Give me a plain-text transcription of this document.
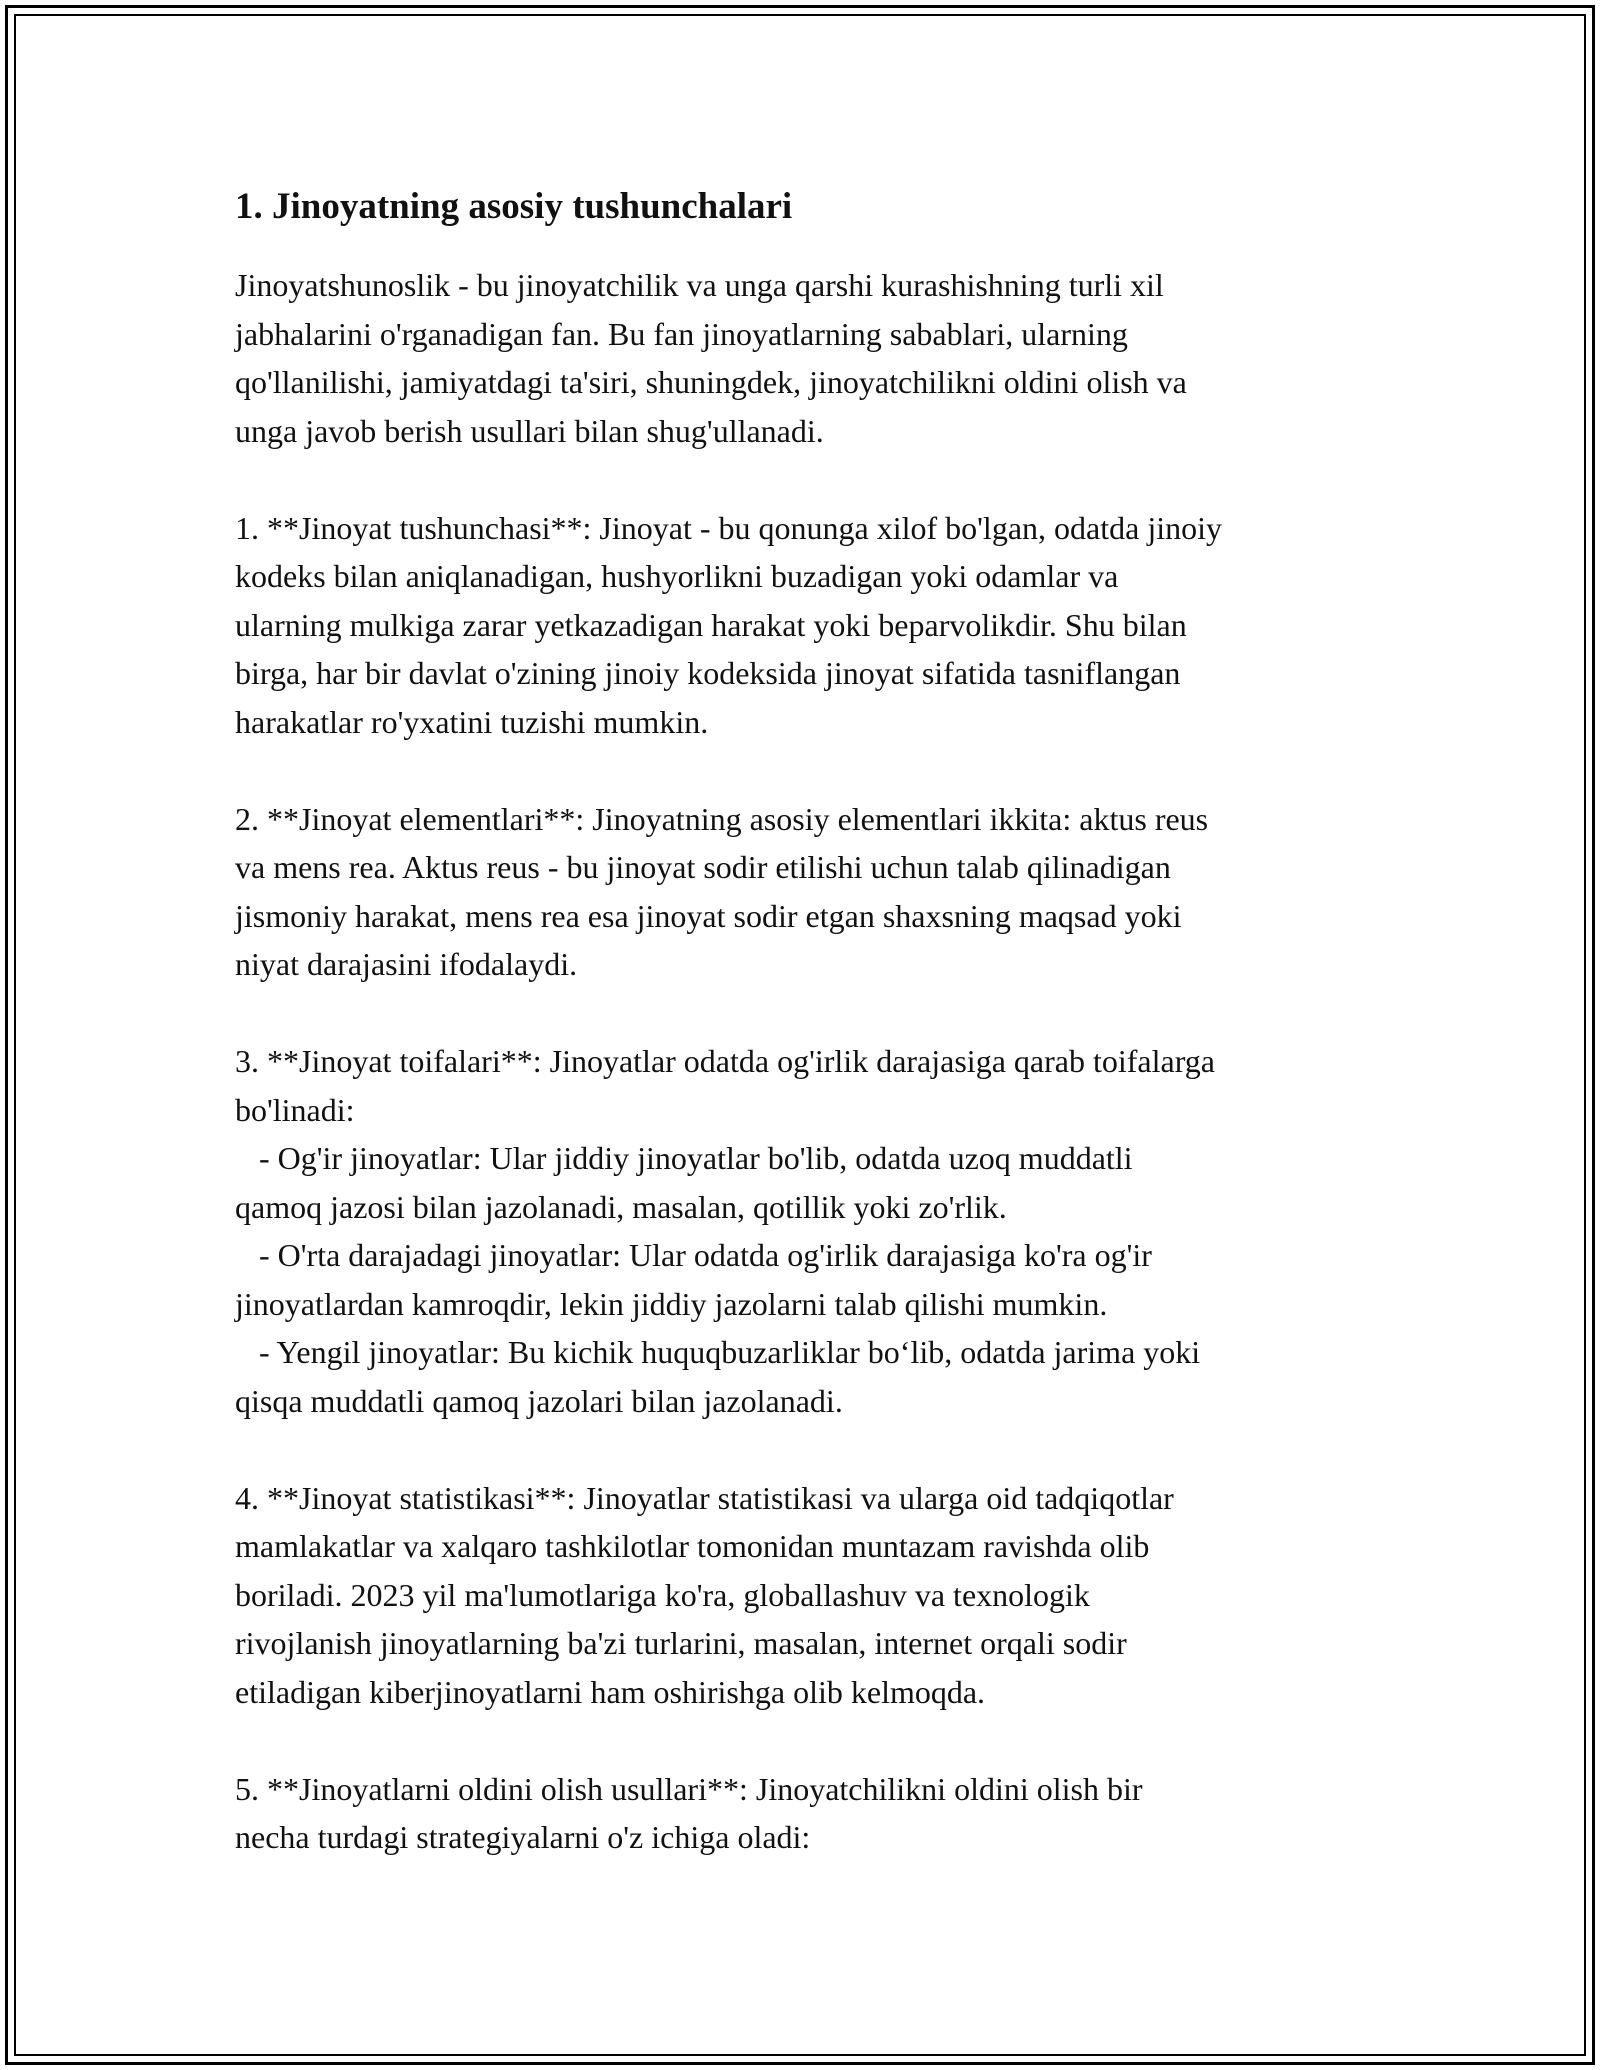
1. Jinoyatning asosiy tushunchalari
Jinoyatshunoslik - bu jinoyatchilik va unga qarshi kurashishning turli xil
jabhalarini o'rganadigan fan. Bu fan jinoyatlarning sabablari, ularning
qo'llanilishi, jamiyatdagi ta'siri, shuningdek, jinoyatchilikni oldini olish va
unga javob berish usullari bilan shug'ullanadi.
1. **Jinoyat tushunchasi**: Jinoyat - bu qonunga xilof bo'lgan, odatda jinoiy
kodeks bilan aniqlanadigan, hushyorlikni buzadigan yoki odamlar va
ularning mulkiga zarar yetkazadigan harakat yoki beparvolikdir. Shu bilan
birga, har bir davlat o'zining jinoiy kodeksida jinoyat sifatida tasniflangan
harakatlar ro'yxatini tuzishi mumkin.
2. **Jinoyat elementlari**: Jinoyatning asosiy elementlari ikkita: aktus reus
va mens rea. Aktus reus - bu jinoyat sodir etilishi uchun talab qilinadigan
jismoniy harakat, mens rea esa jinoyat sodir etgan shaxsning maqsad yoki
niyat darajasini ifodalaydi.
3. **Jinoyat toifalari**: Jinoyatlar odatda og'irlik darajasiga qarab toifalarga
bo'linadi:
- Og'ir jinoyatlar: Ular jiddiy jinoyatlar bo'lib, odatda uzoq muddatli
qamoq jazosi bilan jazolanadi, masalan, qotillik yoki zo'rlik.
- O'rta darajadagi jinoyatlar: Ular odatda og'irlik darajasiga ko'ra og'ir
jinoyatlardan kamroqdir, lekin jiddiy jazolarni talab qilishi mumkin.
- Yengil jinoyatlar: Bu kichik huquqbuzarliklar bo‘lib, odatda jarima yoki
qisqa muddatli qamoq jazolari bilan jazolanadi.
4. **Jinoyat statistikasi**: Jinoyatlar statistikasi va ularga oid tadqiqotlar
mamlakatlar va xalqaro tashkilotlar tomonidan muntazam ravishda olib
boriladi. 2023 yil ma'lumotlariga ko'ra, globallashuv va texnologik
rivojlanish jinoyatlarning ba'zi turlarini, masalan, internet orqali sodir
etiladigan kiberjinoyatlarni ham oshirishga olib kelmoqda.
5. **Jinoyatlarni oldini olish usullari**: Jinoyatchilikni oldini olish bir
necha turdagi strategiyalarni o'z ichiga oladi:
